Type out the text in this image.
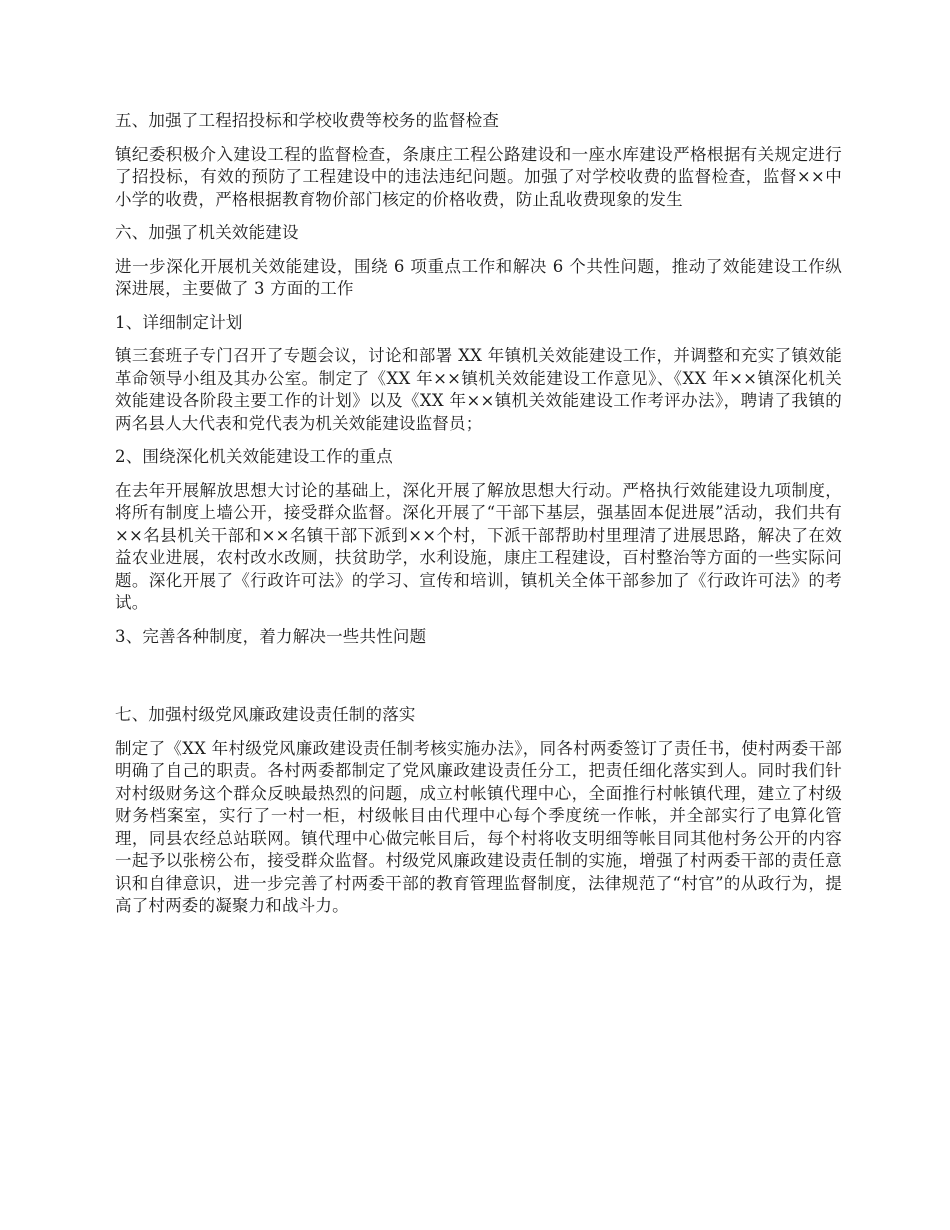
五、加强了工程招投标和学校收费等校务的监督检查

镇纪委积极介入建设工程的监督检查，条康庄工程公路建设和一座水库建设严格根据有关规定进行了招投标，有效的预防了工程建设中的违法违纪问题。加强了对学校收费的监督检查，监督××中小学的收费，严格根据教育物价部门核定的价格收费，防止乱收费现象的发生

六、加强了机关效能建设

进一步深化开展机关效能建设，围绕 6 项重点工作和解决 6 个共性问题，推动了效能建设工作纵深进展，主要做了 3 方面的工作

1、详细制定计划

镇三套班子专门召开了专题会议，讨论和部署 XX 年镇机关效能建设工作，并调整和充实了镇效能革命领导小组及其办公室。制定了《XX 年××镇机关效能建设工作意见》、《XX 年××镇深化机关效能建设各阶段主要工作的计划》以及《XX 年××镇机关效能建设工作考评办法》，聘请了我镇的两名县人大代表和党代表为机关效能建设监督员；

2、围绕深化机关效能建设工作的重点

在去年开展解放思想大讨论的基础上，深化开展了解放思想大行动。严格执行效能建设九项制度，将所有制度上墙公开，接受群众监督。深化开展了“干部下基层，强基固本促进展”活动，我们共有××名县机关干部和××名镇干部下派到××个村，下派干部帮助村里理清了进展思路，解决了在效益农业进展，农村改水改厕，扶贫助学，水利设施，康庄工程建设，百村整治等方面的一些实际问题。深化开展了《行政许可法》的学习、宣传和培训，镇机关全体干部参加了《行政许可法》的考试。

3、完善各种制度，着力解决一些共性问题

七、加强村级党风廉政建设责任制的落实

制定了《XX 年村级党风廉政建设责任制考核实施办法》，同各村两委签订了责任书，使村两委干部明确了自己的职责。各村两委都制定了党风廉政建设责任分工，把责任细化落实到人。同时我们针对村级财务这个群众反映最热烈的问题，成立村帐镇代理中心，全面推行村帐镇代理，建立了村级财务档案室，实行了一村一柜，村级帐目由代理中心每个季度统一作帐，并全部实行了电算化管理，同县农经总站联网。镇代理中心做完帐目后，每个村将收支明细等帐目同其他村务公开的内容一起予以张榜公布，接受群众监督。村级党风廉政建设责任制的实施，增强了村两委干部的责任意识和自律意识，进一步完善了村两委干部的教育管理监督制度，法律规范了“村官”的从政行为，提高了村两委的凝聚力和战斗力。
